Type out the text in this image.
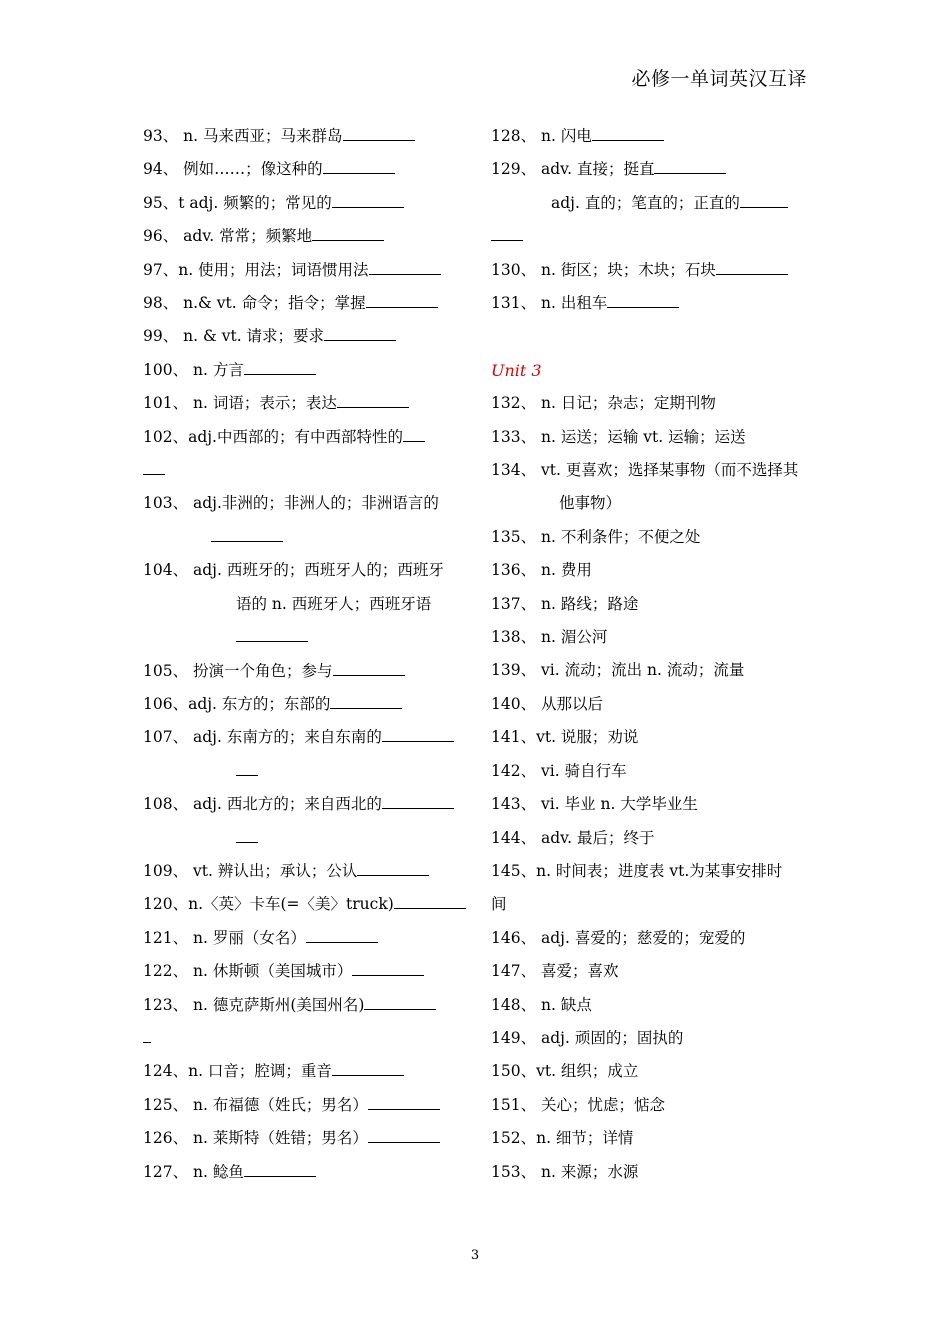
必修一单词英汉互译
93、 n. 马来西亚；马来群岛
94、 例如……；像这种的
95、t adj. 频繁的；常见的
96、 adv. 常常；频繁地
97、n. 使用；用法；词语惯用法
98、 n.& vt. 命令；指令；掌握
99、 n. & vt. 请求；要求
100、 n. 方言
101、 n. 词语；表示；表达
102、adj.中西部的；有中西部特性的
103、 adj.非洲的；非洲人的；非洲语言的
104、 adj. 西班牙的；西班牙人的；西班牙
语的 n. 西班牙人；西班牙语
105、 扮演一个角色；参与
106、adj. 东方的；东部的
107、 adj. 东南方的；来自东南的
108、 adj. 西北方的；来自西北的
109、 vt. 辨认出；承认；公认
120、n.〈英〉卡车(=〈美〉truck)
121、 n. 罗丽（女名）
122、 n. 休斯顿（美国城市）
123、 n. 德克萨斯州(美国州名)
124、n. 口音；腔调；重音
125、 n. 布福德（姓氏；男名）
126、 n. 莱斯特（姓错；男名）
127、 n. 鲶鱼
128、 n. 闪电
129、 adv. 直接；挺直
adj. 直的；笔直的；正直的
130、 n. 街区；块；木块；石块
131、 n. 出租车
Unit 3
132、 n. 日记；杂志；定期刊物
133、 n. 运送；运输 vt. 运输；运送
134、 vt. 更喜欢；选择某事物（而不选择其
他事物）
135、 n. 不利条件；不便之处
136、 n. 费用
137、 n. 路线；路途
138、 n. 湄公河
139、 vi. 流动；流出 n. 流动；流量
140、 从那以后
141、vt. 说服；劝说
142、 vi. 骑自行车
143、 vi. 毕业 n. 大学毕业生
144、 adv. 最后；终于
145、n. 时间表；进度表 vt.为某事安排时
间
146、 adj. 喜爱的；慈爱的；宠爱的
147、 喜爱；喜欢
148、 n. 缺点
149、 adj. 顽固的；固执的
150、vt. 组织；成立
151、 关心；忧虑；惦念
152、n. 细节；详情
153、 n. 来源；水源
3
